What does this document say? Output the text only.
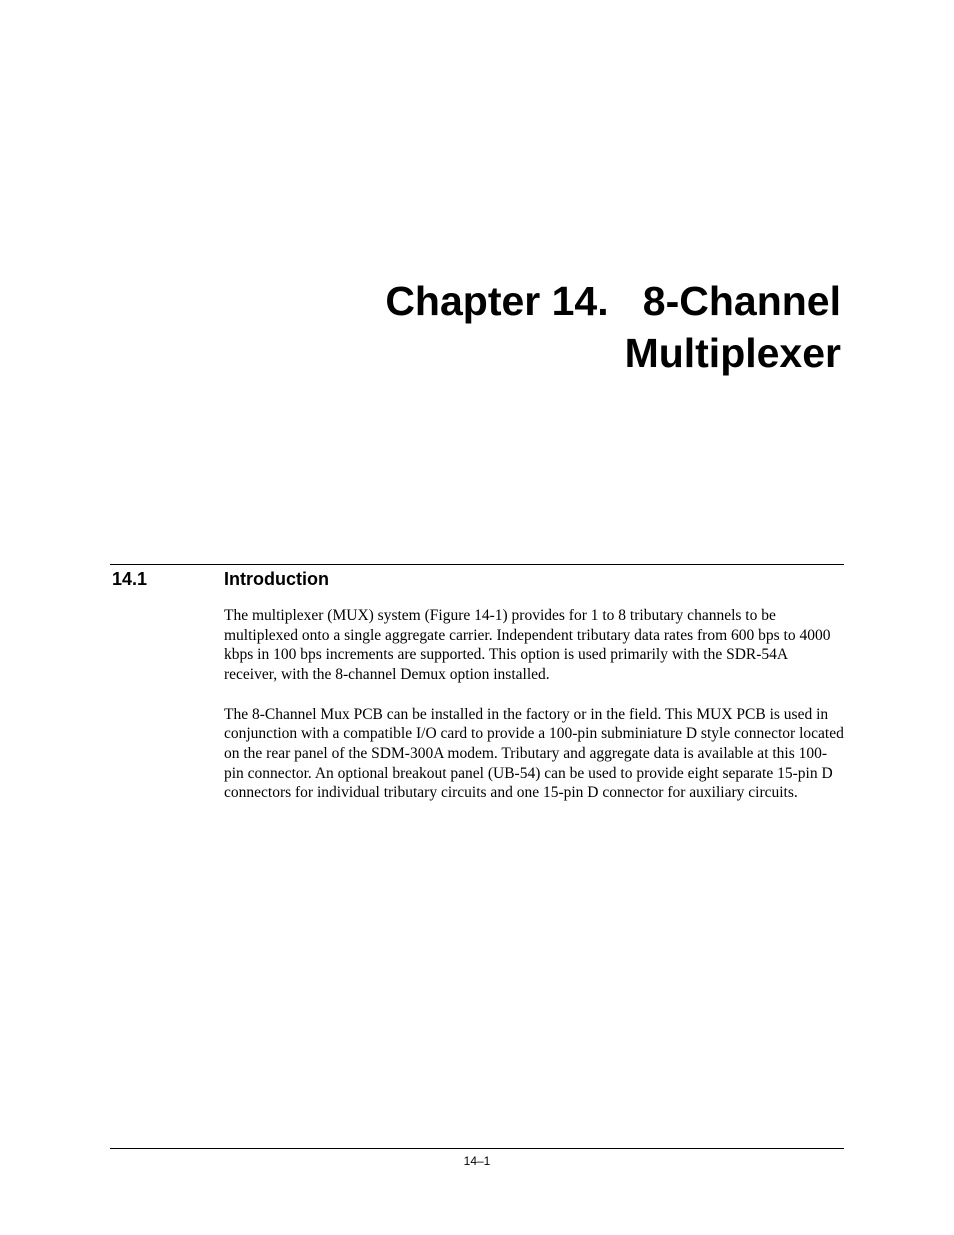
Chapter 14.   8-Channel
Multiplexer
14.1	Introduction

The multiplexer (MUX) system (Figure 14-1) provides for 1 to 8 tributary channels to be multiplexed onto a single aggregate carrier. Independent tributary data rates from 600 bps to 4000 kbps in 100 bps increments are supported. This option is used primarily with the SDR-54A receiver, with the 8-channel Demux option installed.

The 8-Channel Mux PCB can be installed in the factory or in the field. This MUX PCB is used in conjunction with a compatible I/O card to provide a 100-pin subminiature D style connector located on the rear panel of the SDM-300A modem. Tributary and aggregate data is available at this 100-pin connector. An optional breakout panel (UB-54) can be used to provide eight separate 15-pin D connectors for individual tributary circuits and one 15-pin D connector for auxiliary circuits.

14–1
